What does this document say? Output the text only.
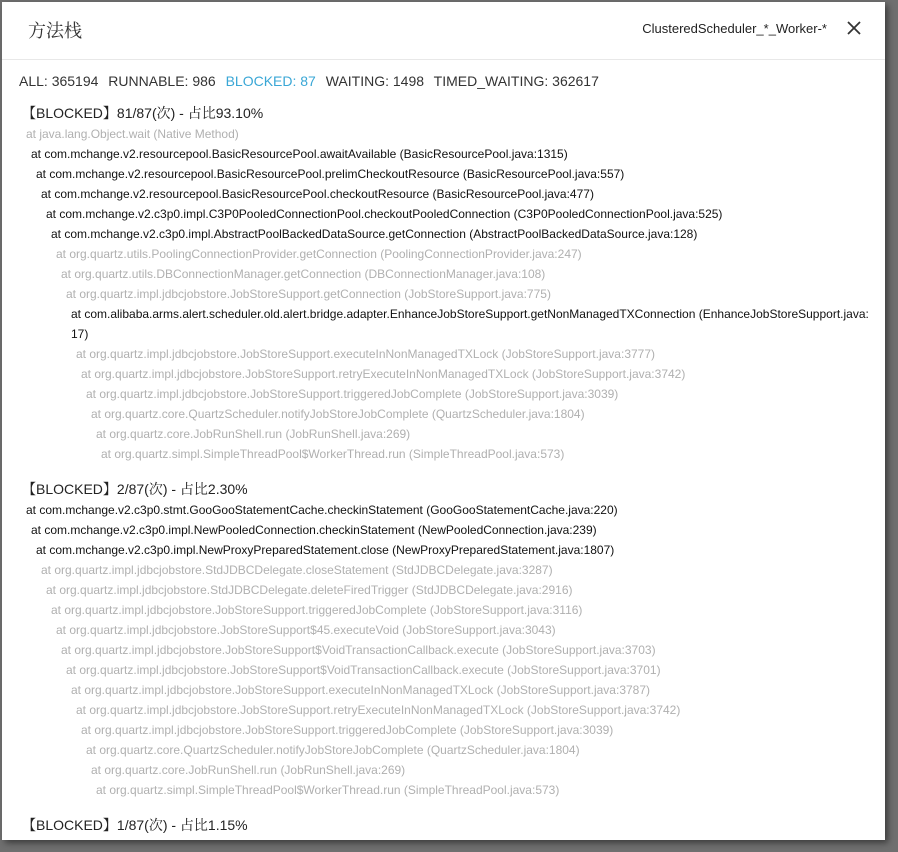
方法栈	ClusteredScheduler_*_Worker-*
ALL: 365194 RUNNABLE: 986 BLOCKED: 87 WAITING: 1498 TIMED_WAITING: 362617
【BLOCKED】81/87(次) - 占比93.10%
at java.lang.Object.wait (Native Method)
at com.mchange.v2.resourcepool.BasicResourcePool.awaitAvailable (BasicResourcePool.java:1315)
at com.mchange.v2.resourcepool.BasicResourcePool.prelimCheckoutResource (BasicResourcePool.java:557)
at com.mchange.v2.resourcepool.BasicResourcePool.checkoutResource (BasicResourcePool.java:477)
at com.mchange.v2.c3p0.impl.C3P0PooledConnectionPool.checkoutPooledConnection (C3P0PooledConnectionPool.java:525)
at com.mchange.v2.c3p0.impl.AbstractPoolBackedDataSource.getConnection (AbstractPoolBackedDataSource.java:128)
at org.quartz.utils.PoolingConnectionProvider.getConnection (PoolingConnectionProvider.java:247)
at org.quartz.utils.DBConnectionManager.getConnection (DBConnectionManager.java:108)
at org.quartz.impl.jdbcjobstore.JobStoreSupport.getConnection (JobStoreSupport.java:775)
at com.alibaba.arms.alert.scheduler.old.alert.bridge.adapter.EnhanceJobStoreSupport.getNonManagedTXConnection (EnhanceJobStoreSupport.java:17)
at org.quartz.impl.jdbcjobstore.JobStoreSupport.executeInNonManagedTXLock (JobStoreSupport.java:3777)
at org.quartz.impl.jdbcjobstore.JobStoreSupport.retryExecuteInNonManagedTXLock (JobStoreSupport.java:3742)
at org.quartz.impl.jdbcjobstore.JobStoreSupport.triggeredJobComplete (JobStoreSupport.java:3039)
at org.quartz.core.QuartzScheduler.notifyJobStoreJobComplete (QuartzScheduler.java:1804)
at org.quartz.core.JobRunShell.run (JobRunShell.java:269)
at org.quartz.simpl.SimpleThreadPool$WorkerThread.run (SimpleThreadPool.java:573)
【BLOCKED】2/87(次) - 占比2.30%
at com.mchange.v2.c3p0.stmt.GooGooStatementCache.checkinStatement (GooGooStatementCache.java:220)
at com.mchange.v2.c3p0.impl.NewPooledConnection.checkinStatement (NewPooledConnection.java:239)
at com.mchange.v2.c3p0.impl.NewProxyPreparedStatement.close (NewProxyPreparedStatement.java:1807)
at org.quartz.impl.jdbcjobstore.StdJDBCDelegate.closeStatement (StdJDBCDelegate.java:3287)
at org.quartz.impl.jdbcjobstore.StdJDBCDelegate.deleteFiredTrigger (StdJDBCDelegate.java:2916)
at org.quartz.impl.jdbcjobstore.JobStoreSupport.triggeredJobComplete (JobStoreSupport.java:3116)
at org.quartz.impl.jdbcjobstore.JobStoreSupport$45.executeVoid (JobStoreSupport.java:3043)
at org.quartz.impl.jdbcjobstore.JobStoreSupport$VoidTransactionCallback.execute (JobStoreSupport.java:3703)
at org.quartz.impl.jdbcjobstore.JobStoreSupport$VoidTransactionCallback.execute (JobStoreSupport.java:3701)
at org.quartz.impl.jdbcjobstore.JobStoreSupport.executeInNonManagedTXLock (JobStoreSupport.java:3787)
at org.quartz.impl.jdbcjobstore.JobStoreSupport.retryExecuteInNonManagedTXLock (JobStoreSupport.java:3742)
at org.quartz.impl.jdbcjobstore.JobStoreSupport.triggeredJobComplete (JobStoreSupport.java:3039)
at org.quartz.core.QuartzScheduler.notifyJobStoreJobComplete (QuartzScheduler.java:1804)
at org.quartz.core.JobRunShell.run (JobRunShell.java:269)
at org.quartz.simpl.SimpleThreadPool$WorkerThread.run (SimpleThreadPool.java:573)
【BLOCKED】1/87(次) - 占比1.15%
